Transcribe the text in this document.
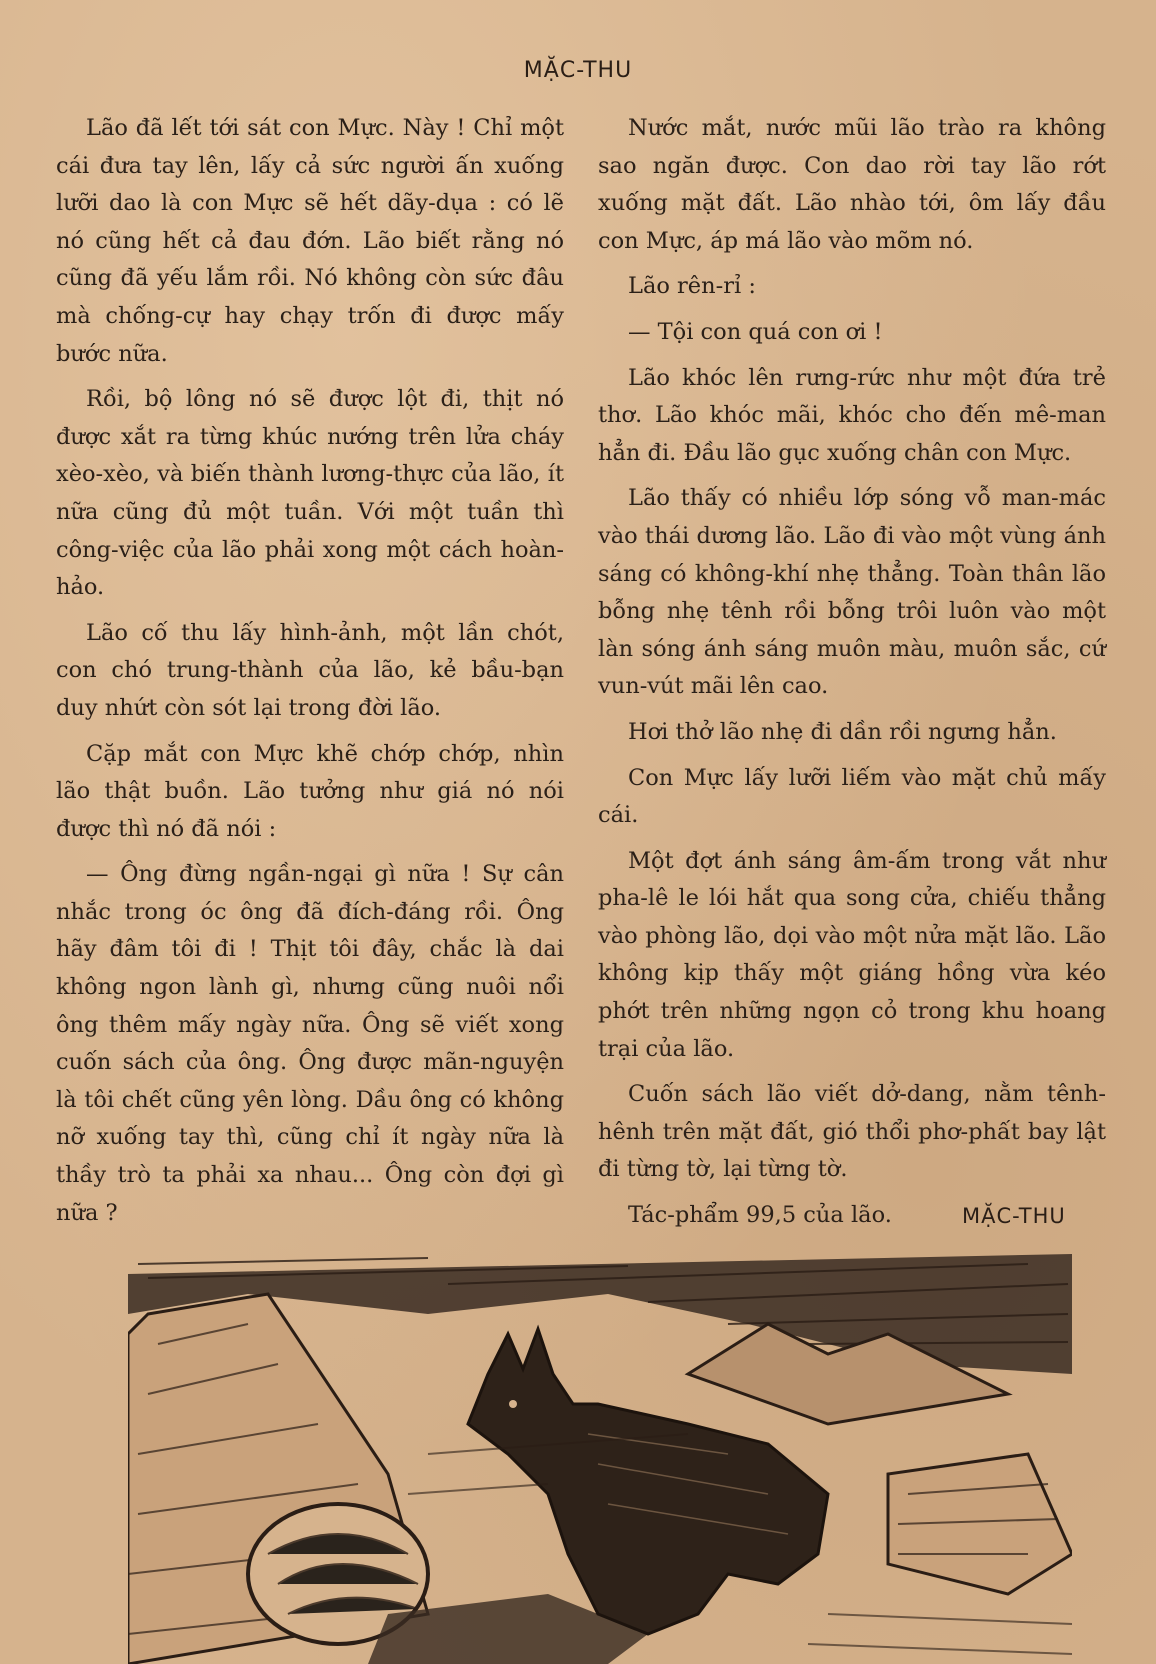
MẶC-THU

Lão đã lết tới sát con Mực. Này ! Chỉ một cái đưa tay lên, lấy cả sức người ấn xuống lưỡi dao là con Mực sẽ hết dãy-dụa : có lẽ nó cũng hết cả đau đớn. Lão biết rằng nó cũng đã yếu lắm rồi. Nó không còn sức đâu mà chống-cự hay chạy trốn đi được mấy bước nữa.

Rồi, bộ lông nó sẽ được lột đi, thịt nó được xắt ra từng khúc nướng trên lửa cháy xèo-xèo, và biến thành lương-thực của lão, ít nữa cũng đủ một tuần. Với một tuần thì công-việc của lão phải xong một cách hoàn-hảo.

Lão cố thu lấy hình-ảnh, một lần chót, con chó trung-thành của lão, kẻ bầu-bạn duy nhứt còn sót lại trong đời lão.

Cặp mắt con Mực khẽ chớp chớp, nhìn lão thật buồn. Lão tưởng như giá nó nói được thì nó đã nói :

— Ông đừng ngần-ngại gì nữa ! Sự cân nhắc trong óc ông đã đích-đáng rồi. Ông hãy đâm tôi đi ! Thịt tôi đây, chắc là dai không ngon lành gì, nhưng cũng nuôi nổi ông thêm mấy ngày nữa. Ông sẽ viết xong cuốn sách của ông. Ông được mãn-nguyện là tôi chết cũng yên lòng. Dầu ông có không nỡ xuống tay thì, cũng chỉ ít ngày nữa là thầy trò ta phải xa nhau... Ông còn đợi gì nữa ?

Nước mắt, nước mũi lão trào ra không sao ngăn được. Con dao rời tay lão rớt xuống mặt đất. Lão nhào tới, ôm lấy đầu con Mực, áp má lão vào mõm nó.

Lão rên-rỉ :

— Tội con quá con ơi !

Lão khóc lên rưng-rức như một đứa trẻ thơ. Lão khóc mãi, khóc cho đến mê-man hẳn đi. Đầu lão gục xuống chân con Mực.

Lão thấy có nhiều lớp sóng vỗ man-mác vào thái dương lão. Lão đi vào một vùng ánh sáng có không-khí nhẹ thẳng. Toàn thân lão bỗng nhẹ tênh rồi bỗng trôi luôn vào một làn sóng ánh sáng muôn màu, muôn sắc, cứ vun-vút mãi lên cao.

Hơi thở lão nhẹ đi dần rồi ngưng hẳn.

Con Mực lấy lưỡi liếm vào mặt chủ mấy cái.

Một đợt ánh sáng âm-ấm trong vắt như pha-lê le lói hắt qua song cửa, chiếu thẳng vào phòng lão, dọi vào một nửa mặt lão. Lão không kịp thấy một giáng hồng vừa kéo phớt trên những ngọn cỏ trong khu hoang trại của lão.

Cuốn sách lão viết dở-dang, nằm tênh-hênh trên mặt đất, gió thổi phơ-phất bay lật đi từng tờ, lại từng tờ.

Tác-phẩm 99,5 của lão.	MẶC-THU
